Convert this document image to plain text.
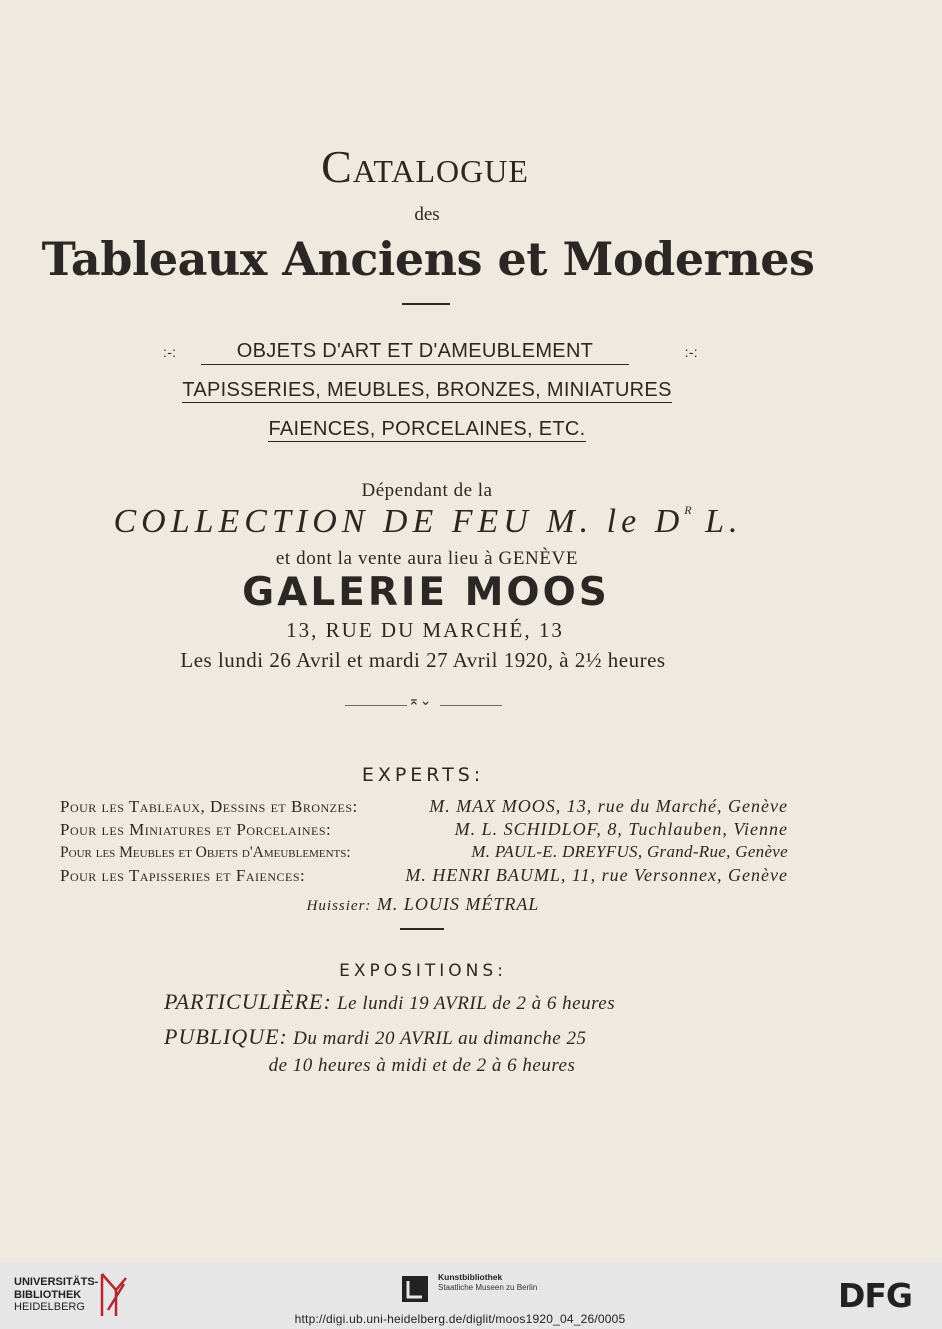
Catalogue
des
Tableaux Anciens et Modernes
:-:	OBJETS D'ART ET D'AMEUBLEMENT	:-:
TAPISSERIES, MEUBLES, BRONZES, MINIATURES
FAIENCES, PORCELAINES, ETC.
Dépendant de la
COLLECTION DE FEU M. le $D^R$ L.
et dont la vente aura lieu à GENÈVE
GALERIE MOOS
13, RUE DU MARCHÉ, 13
Les lundi 26 Avril et mardi 27 Avril 1920, à 2½ heures
⌅⌄
EXPERTS:
Pour les Tableaux, Dessins et Bronzes:	M. MAX MOOS, 13, rue du Marché, Genève
Pour les Miniatures et Porcelaines:	M. L. SCHIDLOF, 8, Tuchlauben, Vienne
Pour les Meubles et Objets d'Ameublements:	M. PAUL-E. DREYFUS, Grand-Rue, Genève
Pour les Tapisseries et Faiences:	M. HENRI BAUML, 11, rue Versonnex, Genève
Huissier: M. LOUIS MÉTRAL
EXPOSITIONS:
PARTICULIÈRE: Le lundi 19 AVRIL de 2 à 6 heures
PUBLIQUE: Du mardi 20 AVRIL au dimanche 25
de 10 heures à midi et de 2 à 6 heures
UNIVERSITÄTS-
BIBLIOTHEK
HEIDELBERG
Kunstbibliothek
Staatliche Museen zu Berlin	DFG
http://digi.ub.uni-heidelberg.de/diglit/moos1920_04_26/0005
